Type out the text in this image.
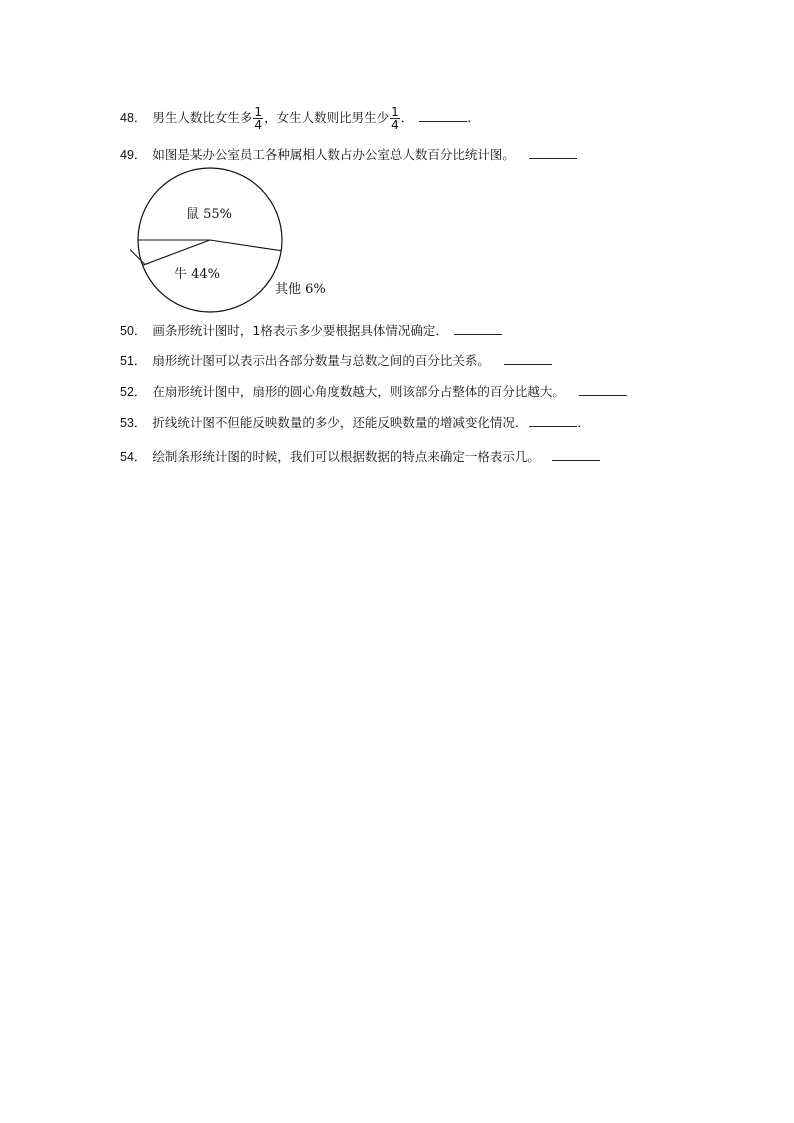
48． 男生人数比女生多 $\frac{1}{4}$ ，女生人数则比男生少 $\frac{1}{4}$ ．	．
49． 如图是某办公室员工各种属相人数占办公室总人数百分比统计图。
鼠 55%
牛 44%
其他 6%
50． 画条形统计图时，1格表示多少要根据具体情况确定．
51． 扇形统计图可以表示出各部分数量与总数之间的百分比关系。
52． 在扇形统计图中，扇形的圆心角度数越大，则该部分占整体的百分比越大。
53． 折线统计图不但能反映数量的多少，还能反映数量的增减变化情况．	．
54． 绘制条形统计图的时候，我们可以根据数据的特点来确定一格表示几。
